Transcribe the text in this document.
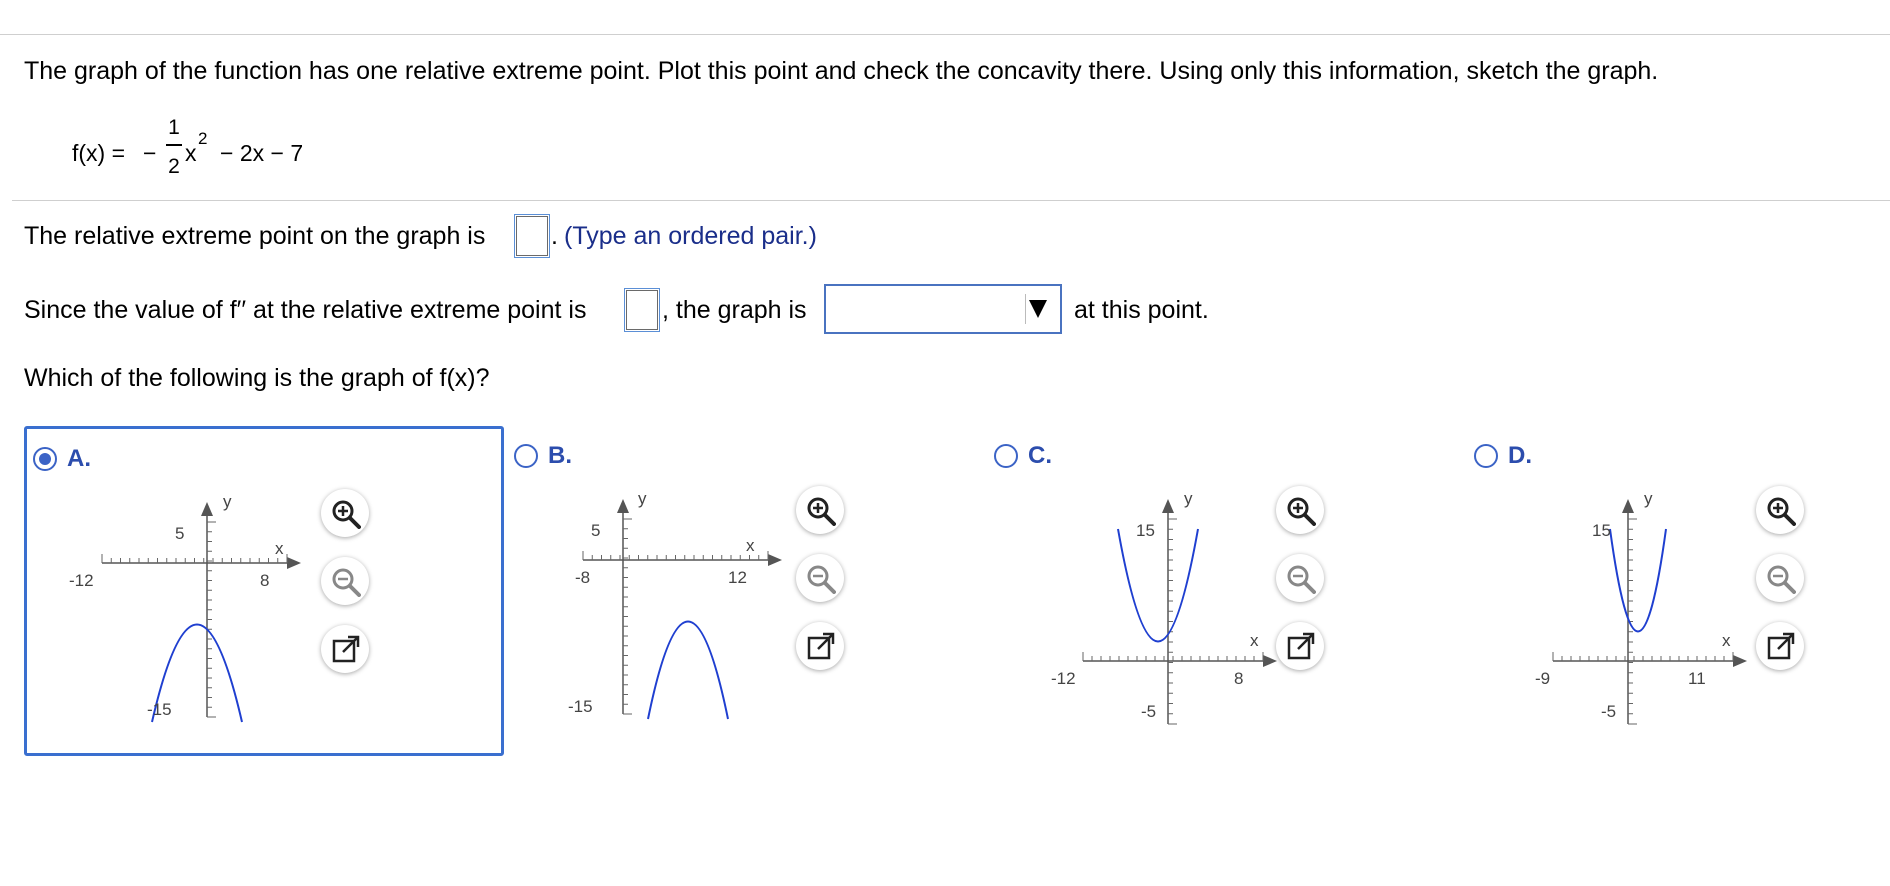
The graph of the function has one relative extreme point. Plot this point and check the concavity there. Using only this information, sketch the graph.
f(x) = −
1
2
x
2
− 2x − 7
The relative extreme point on the graph is	. (Type an ordered pair.)
Since the value of f′′ at the relative extreme point is	, the graph is	at this point.
Which of the following is the graph of f(x)?
A.
-12	8
5
-15
x
y
B.
-8	12
5
-15
x
y
C.
-12	8
15
-5
x
y
D.
-9	11
15
-5
x
y
